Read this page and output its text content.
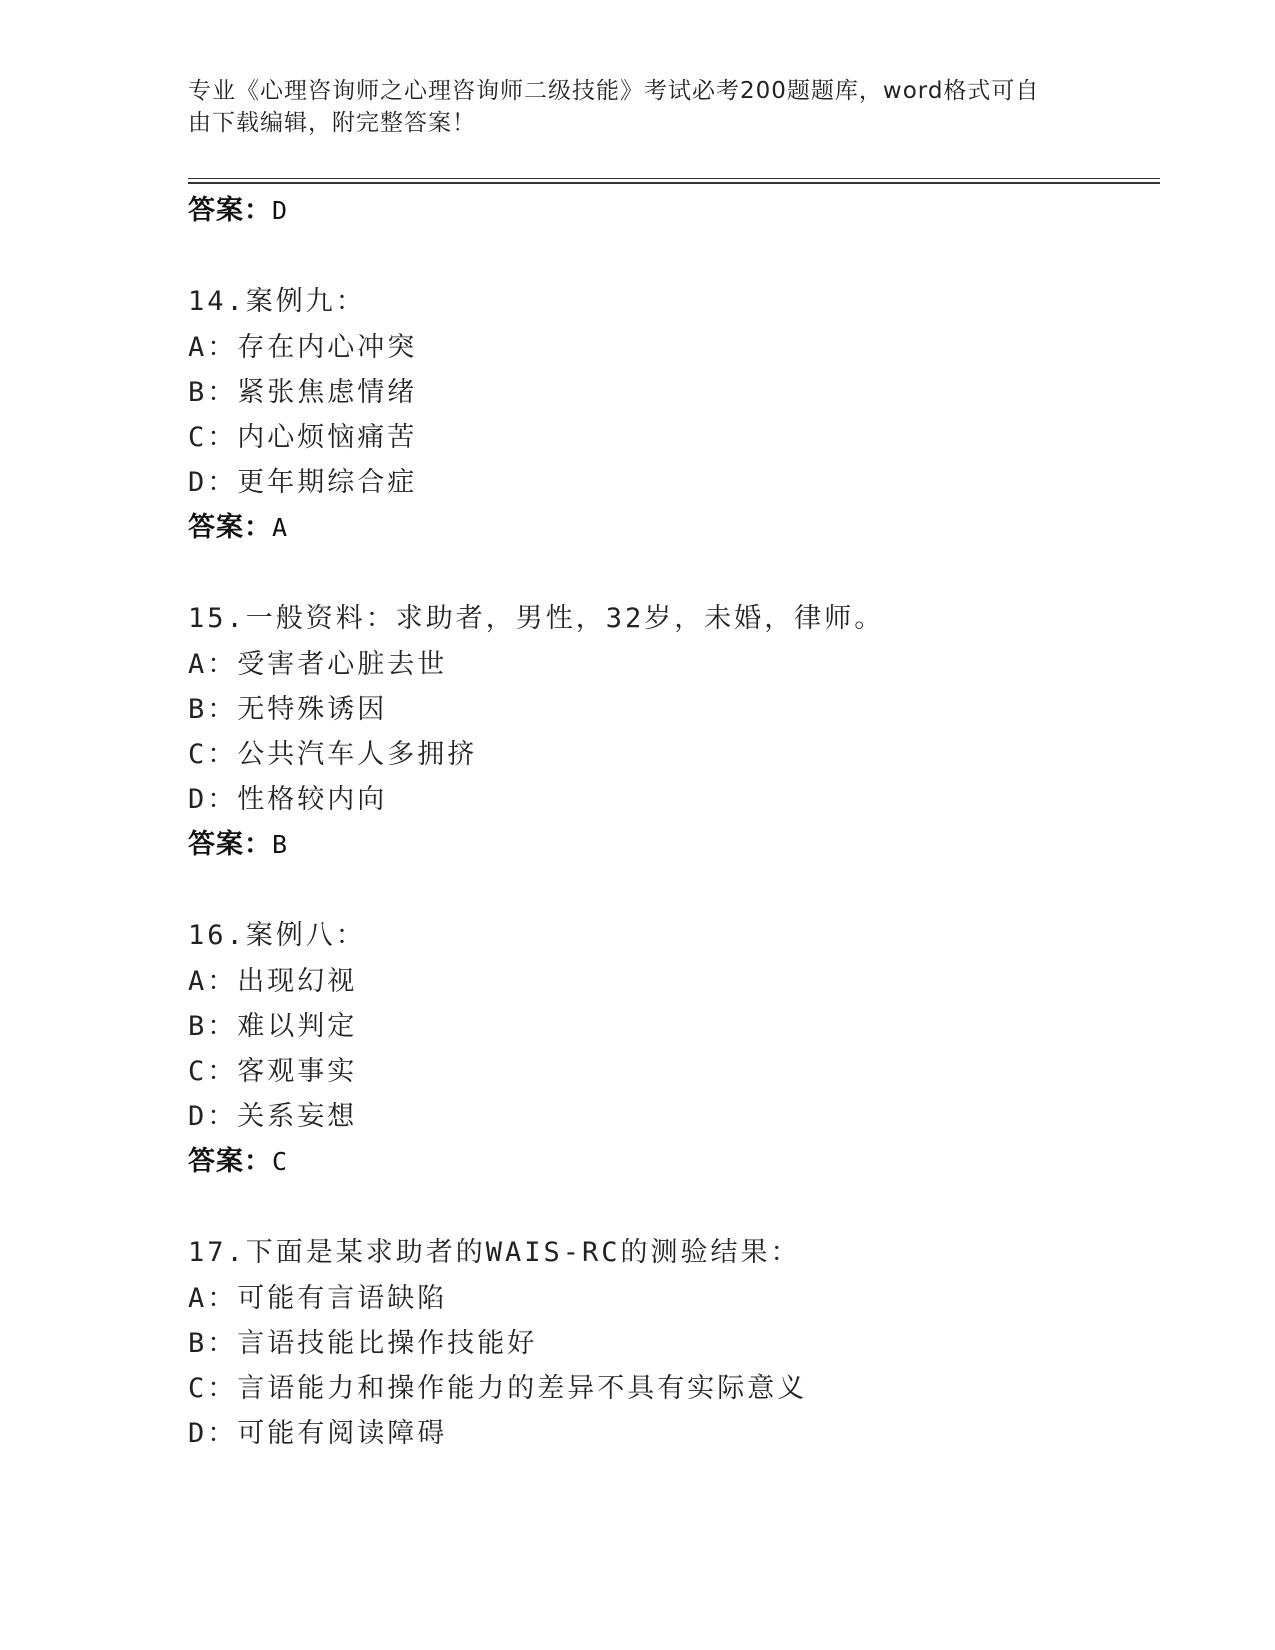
专业《心理咨询师之心理咨询师二级技能》考试必考200题题库，word格式可自
由下载编辑，附完整答案！
答案：D
14.案例九：
A：存在内心冲突
B：紧张焦虑情绪
C：内心烦恼痛苦
D：更年期综合症
答案：A
15.一般资料：求助者，男性，32岁，未婚，律师。
A：受害者心脏去世
B：无特殊诱因
C：公共汽车人多拥挤
D：性格较内向
答案：B
16.案例八：
A：出现幻视
B：难以判定
C：客观事实
D：关系妄想
答案：C
17.下面是某求助者的WAIS-RC的测验结果：
A：可能有言语缺陷
B：言语技能比操作技能好
C：言语能力和操作能力的差异不具有实际意义
D：可能有阅读障碍
